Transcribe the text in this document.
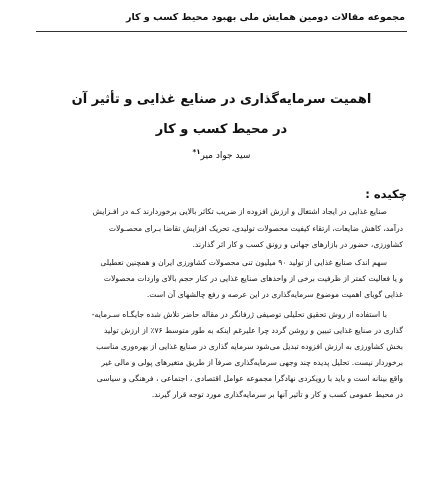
مجموعه مقالات دومین همایش ملی بهبود محیط کسب و کار
اهمیت سرمایه‌گذاری در صنایع غذایی و تأثیر آن
در محیط کسب و کار
سید جواد میر$^{۱*}$
چکیده :
صنایع غذایی در ایجاد اشتغال و ارزش افزوده از ضریب تکاثر بالایی برخوردارند کـه در افـزایش
درآمد، کاهش ضایعات، ارتقاء کیفیت محصولات تولیدی، تحریک افزایش تقاضا بـرای محصـولات
کشاورزی، حضور در بازارهای جهانی و رونق کسب و کار اثر گذارند.
سهم اندک صنایع غذایی از تولید ۹۰ میلیون تنی محصولات کشاورزی ایران و همچنین تعطیلی
و یا فعالیت کمتر از ظرفیت برخی از واحدهای صنایع غذایی در کنار حجم بالای واردات محصولات
غذایی گویای اهمیت موضوع سرمایه‌گذاری در این عرصه و رفع چالشهای آن است.
با استفاده از روش تحقیق تحلیلی توصیفی ژرفانگر در مقاله حاضر تلاش شده جایگـاه سـرمایه-
گذاری در صنایع غذایی تبیین و روشن گردد چرا علیرغم اینکه به طور متوسط ۷۶٪ از ارزش تولید
بخش کشاورزی به ارزش افزوده تبدیل می‌شود سرمایه گذاری در صنایع غذایی از بهره‌وری مناسب
برخوردار نیست. تحلیل پدیده چند وجهی سرمایه‌گذاری صرفاً از طریق متغیرهای پولی و مالی غیر
واقع بینانه است و باید با رویکردی نهادگرا مجموعه عوامل اقتصادی ، اجتماعی ، فرهنگی و سیاسی
در محیط عمومی کسب و کار و تأثیر آنها بر سرمایه‌گذاری مورد توجه قرار گیرند.
